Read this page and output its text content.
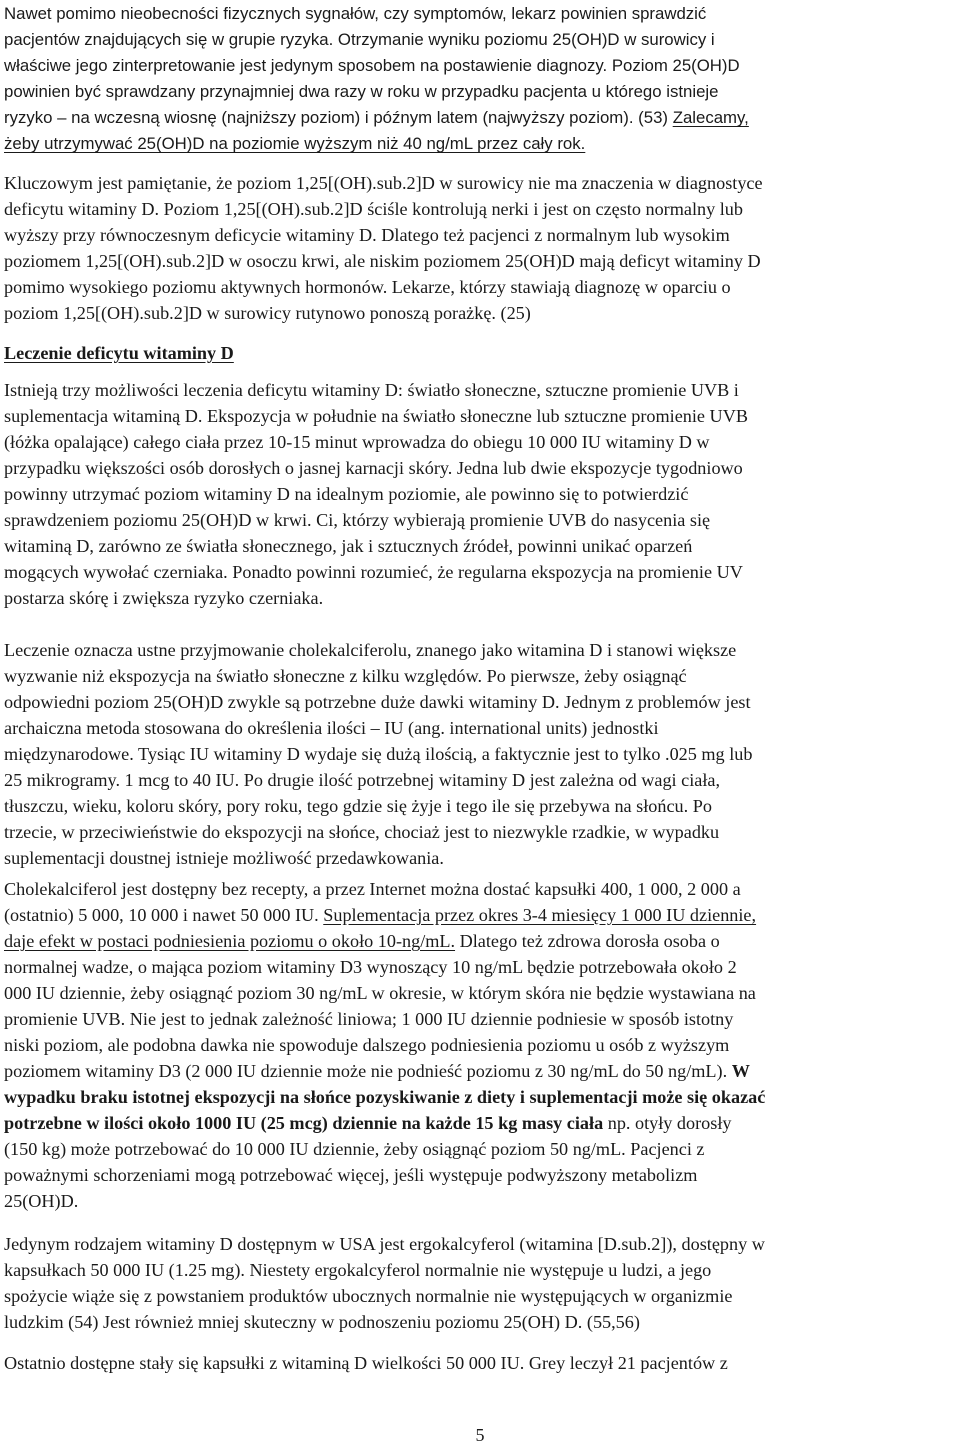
Nawet pomimo nieobecności fizycznych sygnałów, czy symptomów, lekarz powinien sprawdzić
pacjentów znajdujących się w grupie ryzyka. Otrzymanie wyniku poziomu 25(OH)D w surowicy i
właściwe jego zinterpretowanie jest jedynym sposobem na postawienie diagnozy. Poziom 25(OH)D
powinien być sprawdzany przynajmniej dwa razy w roku w przypadku pacjenta u którego istnieje
ryzyko – na wczesną wiosnę (najniższy poziom) i późnym latem (najwyższy poziom). (53) Zalecamy,
żeby utrzymywać 25(OH)D na poziomie wyższym niż 40 ng/mL przez cały rok.
Kluczowym jest pamiętanie, że poziom 1,25[(OH).sub.2]D w surowicy nie ma znaczenia w diagnostyce
deficytu witaminy D. Poziom 1,25[(OH).sub.2]D ściśle kontrolują nerki i jest on często normalny lub
wyższy przy równoczesnym deficycie witaminy D. Dlatego też pacjenci z normalnym lub wysokim
poziomem 1,25[(OH).sub.2]D w osoczu krwi, ale niskim poziomem 25(OH)D mają deficyt witaminy D
pomimo wysokiego poziomu aktywnych hormonów. Lekarze, którzy stawiają diagnozę w oparciu o
poziom 1,25[(OH).sub.2]D w surowicy rutynowo ponoszą porażkę. (25)
Leczenie deficytu witaminy D
Istnieją trzy możliwości leczenia deficytu witaminy D: światło słoneczne, sztuczne promienie UVB i
suplementacja witaminą D. Ekspozycja w południe na światło słoneczne lub sztuczne promienie UVB
(łóżka opalające) całego ciała przez 10-15 minut wprowadza do obiegu 10 000 IU witaminy D w
przypadku większości osób dorosłych o jasnej karnacji skóry. Jedna lub dwie ekspozycje tygodniowo
powinny utrzymać poziom witaminy D na idealnym poziomie, ale powinno się to potwierdzić
sprawdzeniem poziomu 25(OH)D w krwi. Ci, którzy wybierają promienie UVB do nasycenia się
witaminą D, zarówno ze światła słonecznego, jak i sztucznych źródeł, powinni unikać oparzeń
mogących wywołać czerniaka. Ponadto powinni rozumieć, że regularna ekspozycja na promienie UV
postarza skórę i zwiększa ryzyko czerniaka.
Leczenie oznacza ustne przyjmowanie cholekalciferolu, znanego jako witamina D i stanowi większe
wyzwanie niż ekspozycja na światło słoneczne z kilku względów. Po pierwsze, żeby osiągnąć
odpowiedni poziom 25(OH)D zwykle są potrzebne duże dawki witaminy D. Jednym z problemów jest
archaiczna metoda stosowana do określenia ilości – IU (ang. international units) jednostki
międzynarodowe. Tysiąc IU witaminy D wydaje się dużą ilością, a faktycznie jest to tylko .025 mg lub
25 mikrogramy. 1 mcg to 40 IU. Po drugie ilość potrzebnej witaminy D jest zależna od wagi ciała,
tłuszczu, wieku, koloru skóry, pory roku, tego gdzie się żyje i tego ile się przebywa na słońcu. Po
trzecie, w przeciwieństwie do ekspozycji na słońce, chociaż jest to niezwykle rzadkie, w wypadku
suplementacji doustnej istnieje możliwość przedawkowania.
Cholekalciferol jest dostępny bez recepty, a przez Internet można dostać kapsułki 400, 1 000, 2 000 a
(ostatnio) 5 000, 10 000 i nawet 50 000 IU. Suplementacja przez okres 3-4 miesięcy 1 000 IU dziennie,
daje efekt w postaci podniesienia poziomu o około 10-ng/mL. Dlatego też zdrowa dorosła osoba o
normalnej wadze, o mająca poziom witaminy D3 wynoszący 10 ng/mL będzie potrzebowała około 2
000 IU dziennie, żeby osiągnąć poziom 30 ng/mL w okresie, w którym skóra nie będzie wystawiana na
promienie UVB. Nie jest to jednak zależność liniowa; 1 000 IU dziennie podniesie w sposób istotny
niski poziom, ale podobna dawka nie spowoduje dalszego podniesienia poziomu u osób z wyższym
poziomem witaminy D3 (2 000 IU dziennie może nie podnieść poziomu z 30 ng/mL do 50 ng/mL). W
wypadku braku istotnej ekspozycji na słońce pozyskiwanie z diety i suplementacji może się okazać
potrzebne w ilości około 1000 IU (25 mcg) dziennie na każde 15 kg masy ciała np. otyły dorosły
(150 kg) może potrzebować do 10 000 IU dziennie, żeby osiągnąć poziom 50 ng/mL. Pacjenci z
poważnymi schorzeniami mogą potrzebować więcej, jeśli występuje podwyższony metabolizm
25(OH)D.
Jedynym rodzajem witaminy D dostępnym w USA jest ergokalcyferol (witamina [D.sub.2]), dostępny w
kapsułkach 50 000 IU (1.25 mg). Niestety ergokalcyferol normalnie nie występuje u ludzi, a jego
spożycie wiąże się z powstaniem produktów ubocznych normalnie nie występujących w organizmie
ludzkim (54) Jest również mniej skuteczny w podnoszeniu poziomu 25(OH) D. (55,56)
Ostatnio dostępne stały się kapsułki z witaminą D wielkości 50 000 IU. Grey leczył 21 pacjentów z
5
